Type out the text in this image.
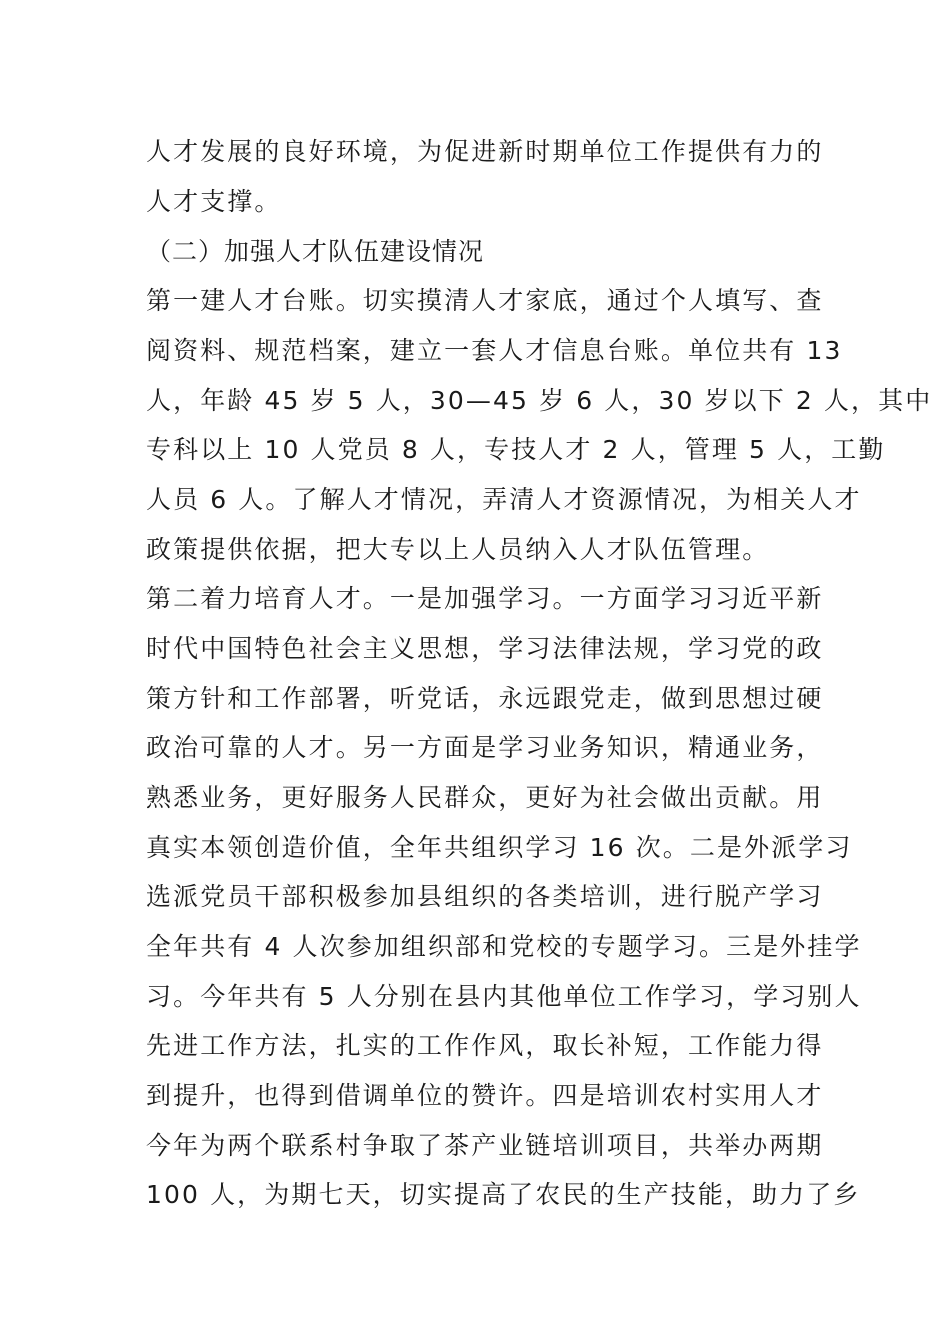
人才发展的良好环境，为促进新时期单位工作提供有力的
人才支撑。
（二）加强人才队伍建设情况
第一建人才台账。切实摸清人才家底，通过个人填写、查
阅资料、规范档案，建立一套人才信息台账。单位共有 13
人，年龄 45 岁 5 人，30—45 岁 6 人，30 岁以下 2 人，其中
专科以上 10 人党员 8 人，专技人才 2 人，管理 5 人，工勤
人员 6 人。了解人才情况，弄清人才资源情况，为相关人才
政策提供依据，把大专以上人员纳入人才队伍管理。
第二着力培育人才。一是加强学习。一方面学习习近平新
时代中国特色社会主义思想，学习法律法规，学习党的政
策方针和工作部署，听党话，永远跟党走，做到思想过硬
政治可靠的人才。另一方面是学习业务知识，精通业务，
熟悉业务，更好服务人民群众，更好为社会做出贡献。用
真实本领创造价值，全年共组织学习 16 次。二是外派学习
选派党员干部积极参加县组织的各类培训，进行脱产学习
全年共有 4 人次参加组织部和党校的专题学习。三是外挂学
习。今年共有 5 人分别在县内其他单位工作学习，学习别人
先进工作方法，扎实的工作作风，取长补短，工作能力得
到提升，也得到借调单位的赞许。四是培训农村实用人才
今年为两个联系村争取了茶产业链培训项目，共举办两期
100 人，为期七天，切实提高了农民的生产技能，助力了乡
